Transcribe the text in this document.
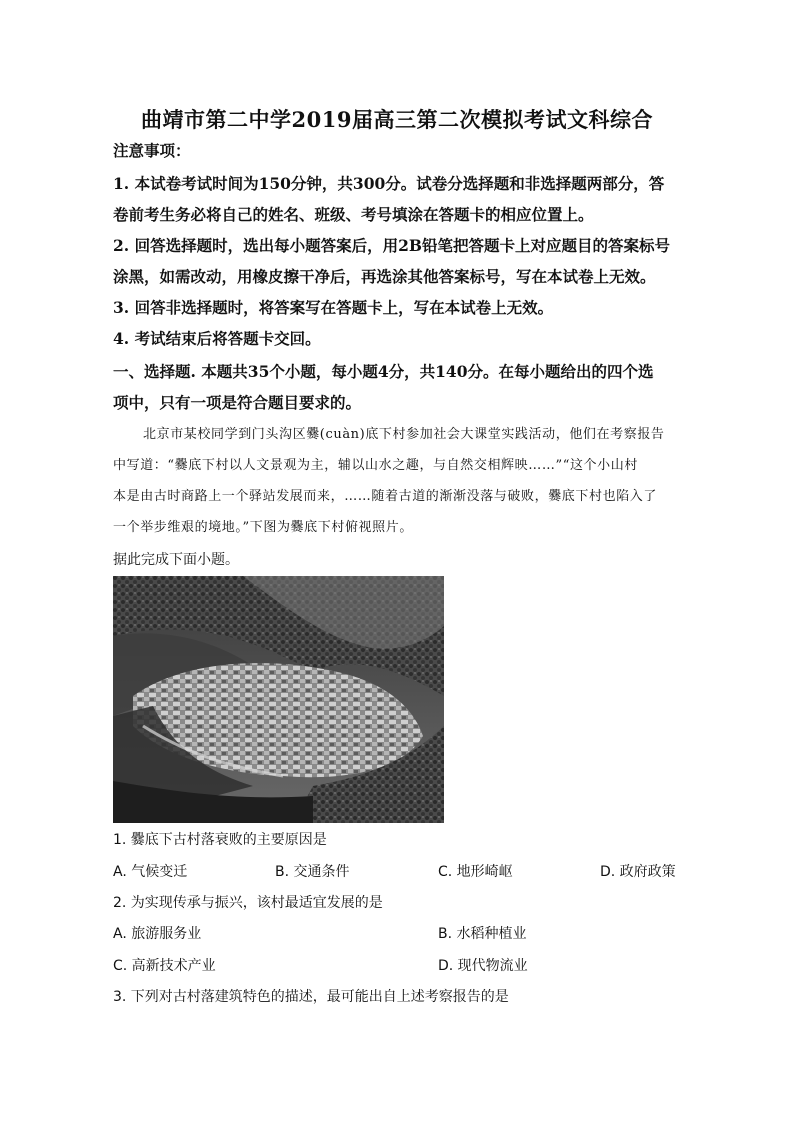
曲靖市第二中学2019届高三第二次模拟考试文科综合
注意事项：
1. 本试卷考试时间为150分钟，共300分。试卷分选择题和非选择题两部分，答
卷前考生务必将自己的姓名、班级、考号填涂在答题卡的相应位置上。
2. 回答选择题时，选出每小题答案后，用2B铅笔把答题卡上对应题目的答案标号
涂黑，如需改动，用橡皮擦干净后，再选涂其他答案标号，写在本试卷上无效。
3. 回答非选择题时，将答案写在答题卡上，写在本试卷上无效。
4. 考试结束后将答题卡交回。
一、选择题. 本题共35个小题，每小题4分，共140分。在每小题给出的四个选
项中，只有一项是符合题目要求的。
北京市某校同学到门头沟区爨(cuàn)底下村参加社会大课堂实践活动，他们在考察报告
中写道：“爨底下村以人文景观为主，辅以山水之趣，与自然交相辉映……”“这个小山村
本是由古时商路上一个驿站发展而来，……随着古道的渐渐没落与破败，爨底下村也陷入了
一个举步维艰的境地。”下图为爨底下村俯视照片。
据此完成下面小题。
1. 爨底下古村落衰败的主要原因是
A. 气候变迁	B. 交通条件	C. 地形崎岖	D. 政府政策
2. 为实现传承与振兴，该村最适宜发展的是
A. 旅游服务业	B. 水稻种植业
C. 高新技术产业	D. 现代物流业
3. 下列对古村落建筑特色的描述，最可能出自上述考察报告的是
